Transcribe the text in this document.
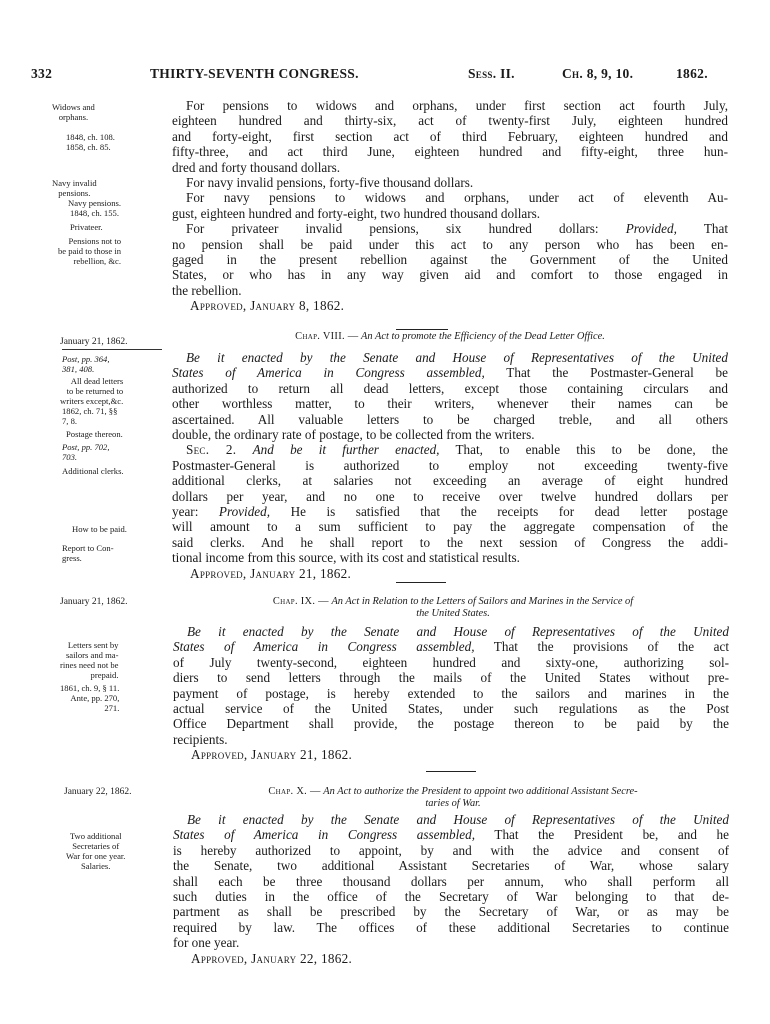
332	THIRTY-SEVENTH CONGRESS.	Sess. II.	Ch. 8, 9, 10.	1862.
Widows and
orphans.
1848, ch. 108.
1858, ch. 85.
Navy invalid
pensions.
Navy pensions.
1848, ch. 155.
Privateer.
Pensions not to
be paid to those in
rebellion, &c.
January 21, 1862.
Post, pp. 364,
381, 408.
All dead letters
to be returned to
writers except,&c.
1862, ch. 71, §§
7, 8.
Postage thereon.
Post, pp. 702,
703.
Additional clerks.
How to be paid.
Report to Con-
gress.
January 21, 1862.
Letters sent by
sailors and ma-
rines need not be
prepaid.
1861, ch. 9, § 11.
Ante, pp. 270,
271.
January 22, 1862.
Two additional
Secretaries of
War for one year.
Salaries.
For pensions to widows and orphans, under first section act fourth July,
eighteen hundred and thirty-six, act of twenty-first July, eighteen hundred
and forty-eight, first section act of third February, eighteen hundred and
fifty-three, and act third June, eighteen hundred and fifty-eight, three hun-
dred and forty thousand dollars.
For navy invalid pensions, forty-five thousand dollars.
For navy pensions to widows and orphans, under act of eleventh Au-
gust, eighteen hundred and forty-eight, two hundred thousand dollars.
For privateer invalid pensions, six hundred dollars: Provided, That
no pension shall be paid under this act to any person who has been en-
gaged in the present rebellion against the Government of the United
States, or who has in any way given aid and comfort to those engaged in
the rebellion.
Approved, January 8, 1862.
Chap. VIII. — An Act to promote the Efficiency of the Dead Letter Office.
Be it enacted by the Senate and House of Representatives of the United
States of America in Congress assembled, That the Postmaster-General be
authorized to return all dead letters, except those containing circulars and
other worthless matter, to their writers, whenever their names can be
ascertained. All valuable letters to be charged treble, and all others
double, the ordinary rate of postage, to be collected from the writers.
Sec. 2. And be it further enacted, That, to enable this to be done, the
Postmaster-General is authorized to employ not exceeding twenty-five
additional clerks, at salaries not exceeding an average of eight hundred
dollars per year, and no one to receive over twelve hundred dollars per
year: Provided, He is satisfied that the receipts for dead letter postage
will amount to a sum sufficient to pay the aggregate compensation of the
said clerks. And he shall report to the next session of Congress the addi-
tional income from this source, with its cost and statistical results.
Approved, January 21, 1862.
Chap. IX. — An Act in Relation to the Letters of Sailors and Marines in the Service of
the United States.
Be it enacted by the Senate and House of Representatives of the United
States of America in Congress assembled, That the provisions of the act
of July twenty-second, eighteen hundred and sixty-one, authorizing sol-
diers to send letters through the mails of the United States without pre-
payment of postage, is hereby extended to the sailors and marines in the
actual service of the United States, under such regulations as the Post
Office Department shall provide, the postage thereon to be paid by the
recipients.
Approved, January 21, 1862.
Chap. X. — An Act to authorize the President to appoint two additional Assistant Secre-
taries of War.
Be it enacted by the Senate and House of Representatives of the United
States of America in Congress assembled, That the President be, and he
is hereby authorized to appoint, by and with the advice and consent of
the Senate, two additional Assistant Secretaries of War, whose salary
shall each be three thousand dollars per annum, who shall perform all
such duties in the office of the Secretary of War belonging to that de-
partment as shall be prescribed by the Secretary of War, or as may be
required by law. The offices of these additional Secretaries to continue
for one year.
Approved, January 22, 1862.
